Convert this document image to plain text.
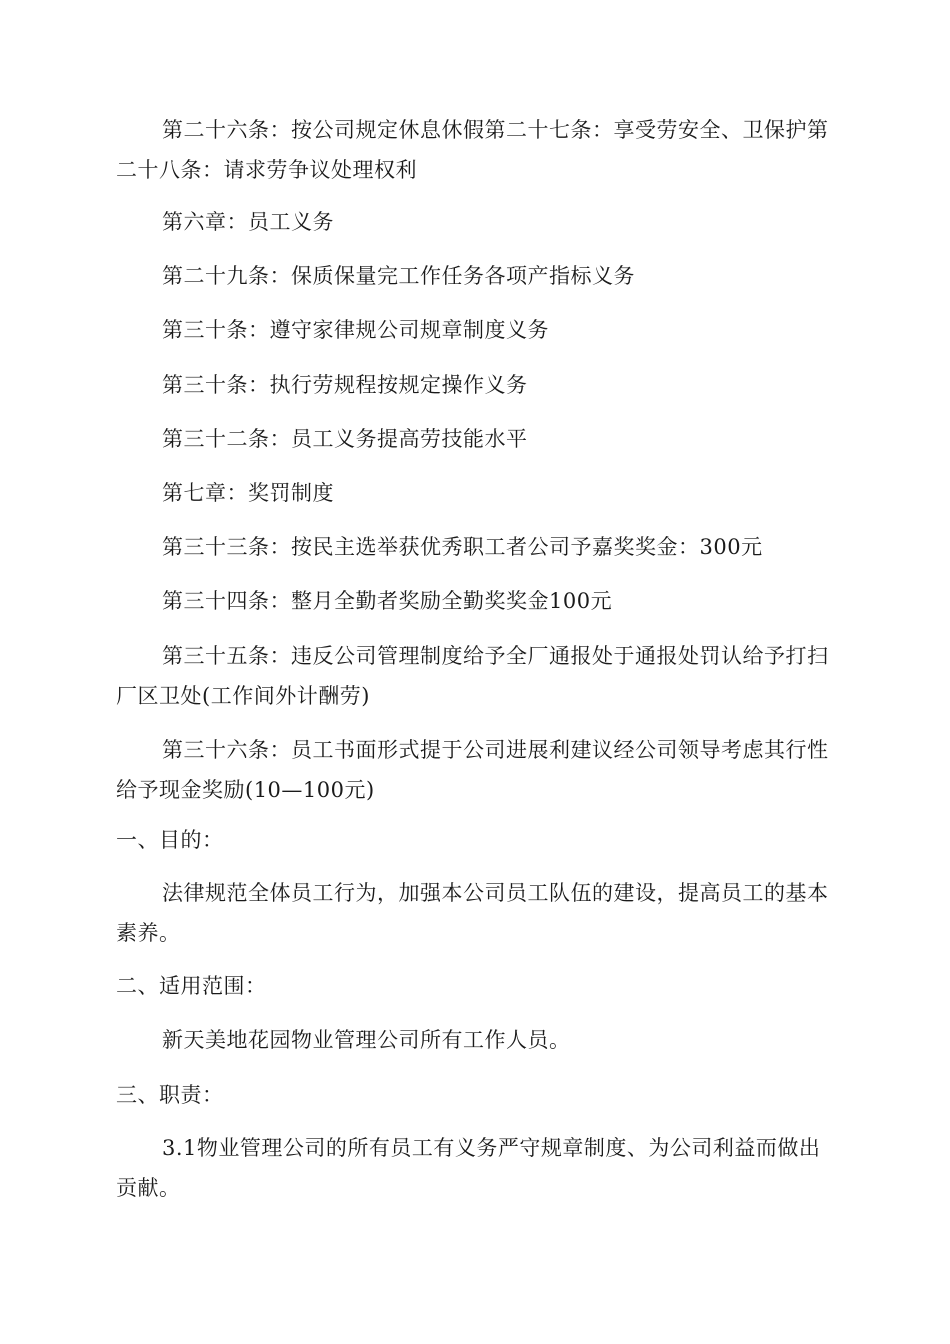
第二十六条：按公司规定休息休假第二十七条：享受劳安全、卫保护第二十八条：请求劳争议处理权利

第六章：员工义务

第二十九条：保质保量完工作任务各项产指标义务

第三十条：遵守家律规公司规章制度义务

第三十条：执行劳规程按规定操作义务

第三十二条：员工义务提高劳技能水平

第七章：奖罚制度

第三十三条：按民主选举获优秀职工者公司予嘉奖奖金：300元

第三十四条：整月全勤者奖励全勤奖奖金100元

第三十五条：违反公司管理制度给予全厂通报处于通报处罚认给予打扫厂区卫处(工作间外计酬劳)

第三十六条：员工书面形式提于公司进展利建议经公司领导考虑其行性给予现金奖励(10—100元)

一、目的：

法律规范全体员工行为，加强本公司员工队伍的建设，提高员工的基本素养。

二、适用范围：

新天美地花园物业管理公司所有工作人员。

三、职责：

3.1物业管理公司的所有员工有义务严守规章制度、为公司利益而做出贡献。
